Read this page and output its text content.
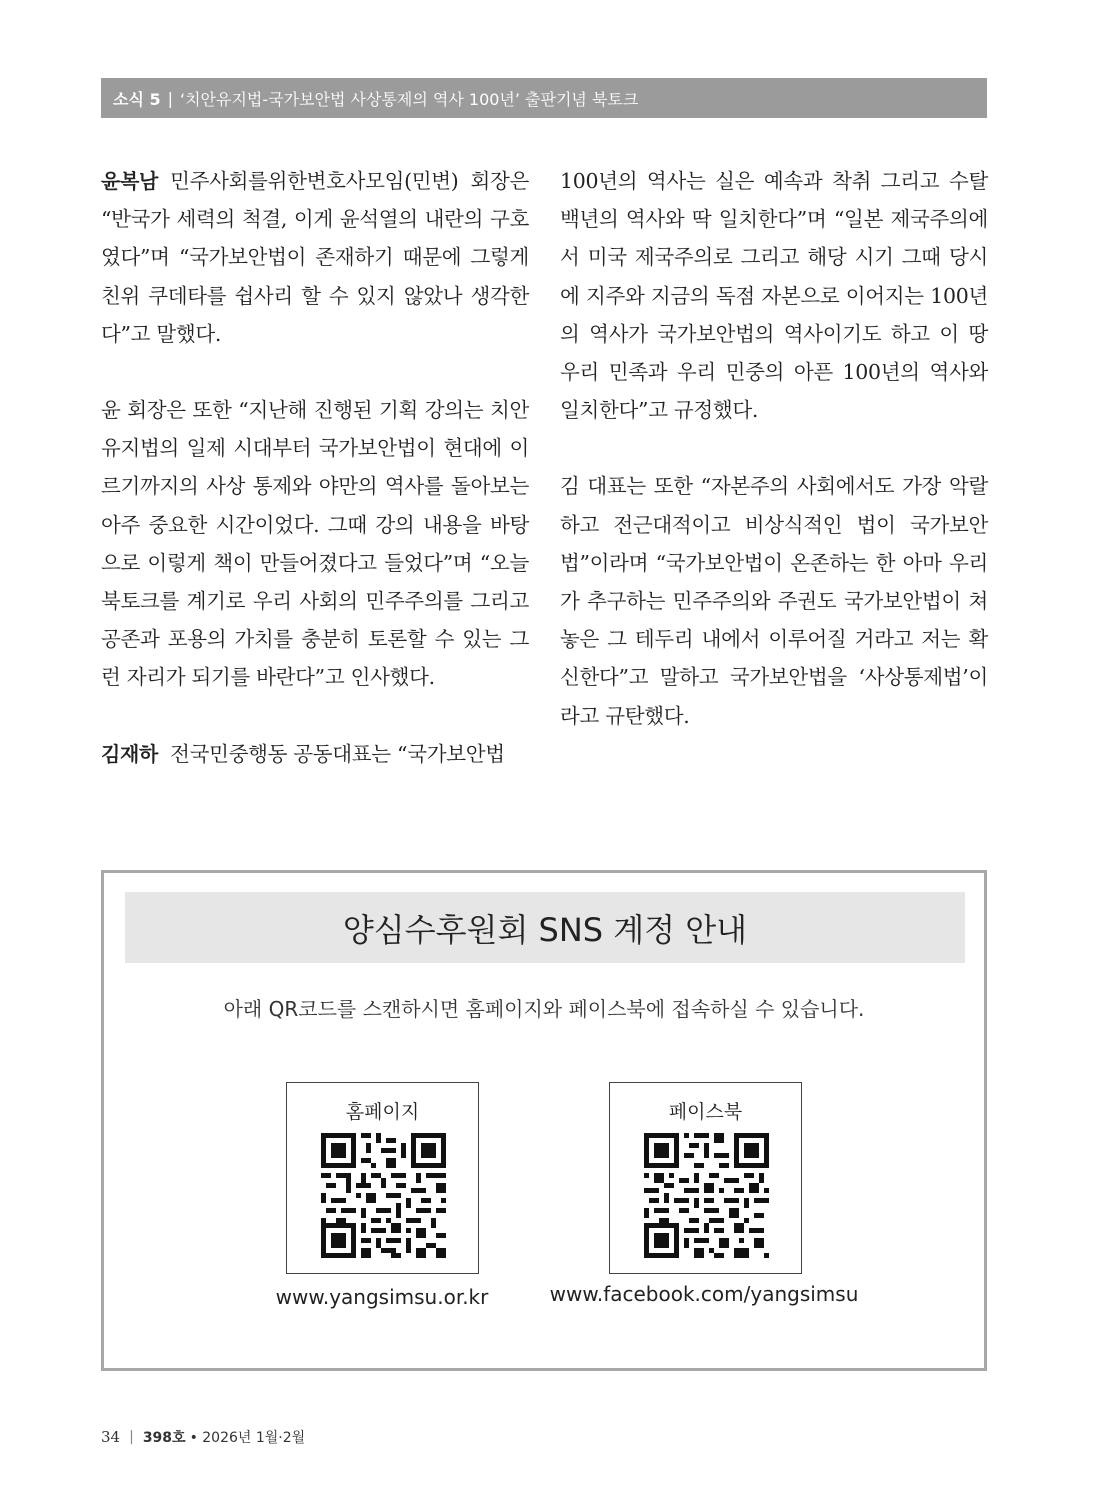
소식 5 | ‘치안유지법-국가보안법 사상통제의 역사 100년’ 출판기념 북토크

윤복남 민주사회를위한변호사모임(민변) 회장은 “반국가 세력의 척결, 이게 윤석열의 내란의 구호였다”며 “국가보안법이 존재하기 때문에 그렇게 친위 쿠데타를 쉽사리 할 수 있지 않았나 생각한다”고 말했다.

윤 회장은 또한 “지난해 진행된 기획 강의는 치안 유지법의 일제 시대부터 국가보안법이 현대에 이르기까지의 사상 통제와 야만의 역사를 돌아보는 아주 중요한 시간이었다. 그때 강의 내용을 바탕으로 이렇게 책이 만들어졌다고 들었다”며 “오늘 북토크를 계기로 우리 사회의 민주주의를 그리고 공존과 포용의 가치를 충분히 토론할 수 있는 그런 자리가 되기를 바란다”고 인사했다.

김재하 전국민중행동 공동대표는 “국가보안법

100년의 역사는 실은 예속과 착취 그리고 수탈 백년의 역사와 딱 일치한다”며 “일본 제국주의에서 미국 제국주의로 그리고 해당 시기 그때 당시에 지주와 지금의 독점 자본으로 이어지는 100년의 역사가 국가보안법의 역사이기도 하고 이 땅 우리 민족과 우리 민중의 아픈 100년의 역사와 일치한다”고 규정했다.

김 대표는 또한 “자본주의 사회에서도 가장 악랄하고 전근대적이고 비상식적인 법이 국가보안법”이라며 “국가보안법이 온존하는 한 아마 우리가 추구하는 민주주의와 주권도 국가보안법이 쳐놓은 그 테두리 내에서 이루어질 거라고 저는 확신한다”고 말하고 국가보안법을 ‘사상통제법’이라고 규탄했다.

양심수후원회 SNS 계정 안내
아래 QR코드를 스캔하시면 홈페이지와 페이스북에 접속하실 수 있습니다.
홈페이지
www.yangsimsu.or.kr
페이스북
www.facebook.com/yangsimsu
34 | 398호 • 2026년 1월·2월
